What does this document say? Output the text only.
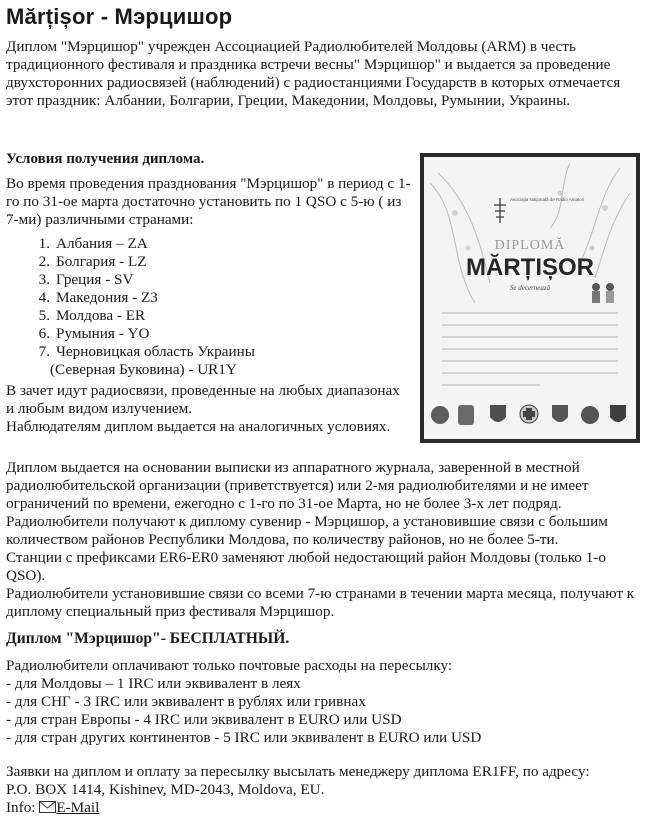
Mărțișor - Мэрцишор
Диплом "Мэрцишор" учрежден Ассоциацией Радиолюбителей Молдовы (ARM) в честь традиционного фестиваля и праздника встречи весны" Мэрцишор" и выдается за проведение двухсторонних радиосвязей (наблюдений) с радиостанциями Государств в которых отмечается этот праздник: Албании, Болгарии, Греции, Македонии, Молдовы, Румынии, Украины.
Условия получения диплома.

Во время проведения празднования "Мэрцишор" в период с 1-го по 31-ое марта достаточно установить по 1 QSO с 5-ю ( из 7-ми) различными странами:

1. Албания – ZA
2. Болгария - LZ
3. Греция - SV
4. Македония - Z3
5. Молдова - ER
6. Румыния - YO
7. Черновицкая область Украины
(Северная Буковина) - UR1Y

В зачет идут радиосвязи, проведенные на любых диапазонах и любым видом излучением.

Наблюдателям диплом выдается на аналогичных условиях.

Asociaţia Naţională de Radio Amatori
DIPLOMĂ
MĂRȚIȘOR
Se decernează

Диплом выдается на основании выписки из аппаратного журнала, заверенной в местной радиолюбительской организации (приветствуется) или 2-мя радиолюбителями и не имеет ограничений по времени, ежегодно с 1-го по 31-ое Марта, но не более 3-х лет подряд.

Радиолюбители получают к диплому сувенир - Мэрцишор, а установившие связи с большим количеством районов Республики Молдова, по количеству районов, но не более 5-ти.

Станции с префиксами ER6-ER0 заменяют любой недостающий район Молдовы (только 1-о QSO).

Радиолюбители установившие связи со всеми 7-ю странами в течении марта месяца, получают к диплому специальный приз фестиваля Мэрцишор.

Диплом "Мэрцишор"- БЕСПЛАТНЫЙ.

Радиолюбители оплачивают только почтовые расходы на пересылку:

- для Молдовы – 1 IRC или эквивалент в леях

- для СНГ - 3 IRC или эквивалент в рублях или гривнах

- для стран Европы - 4 IRC или эквивалент в EURO или USD

- для стран других континентов - 5 IRC или эквивалент в EURO или USD

Заявки на диплом и оплату за пересылку высылать менеджеру диплома ER1FF, по адресу:

P.O. BOX 1414, Kishinev, MD-2043, Moldova, EU.

Info: E-Mail
